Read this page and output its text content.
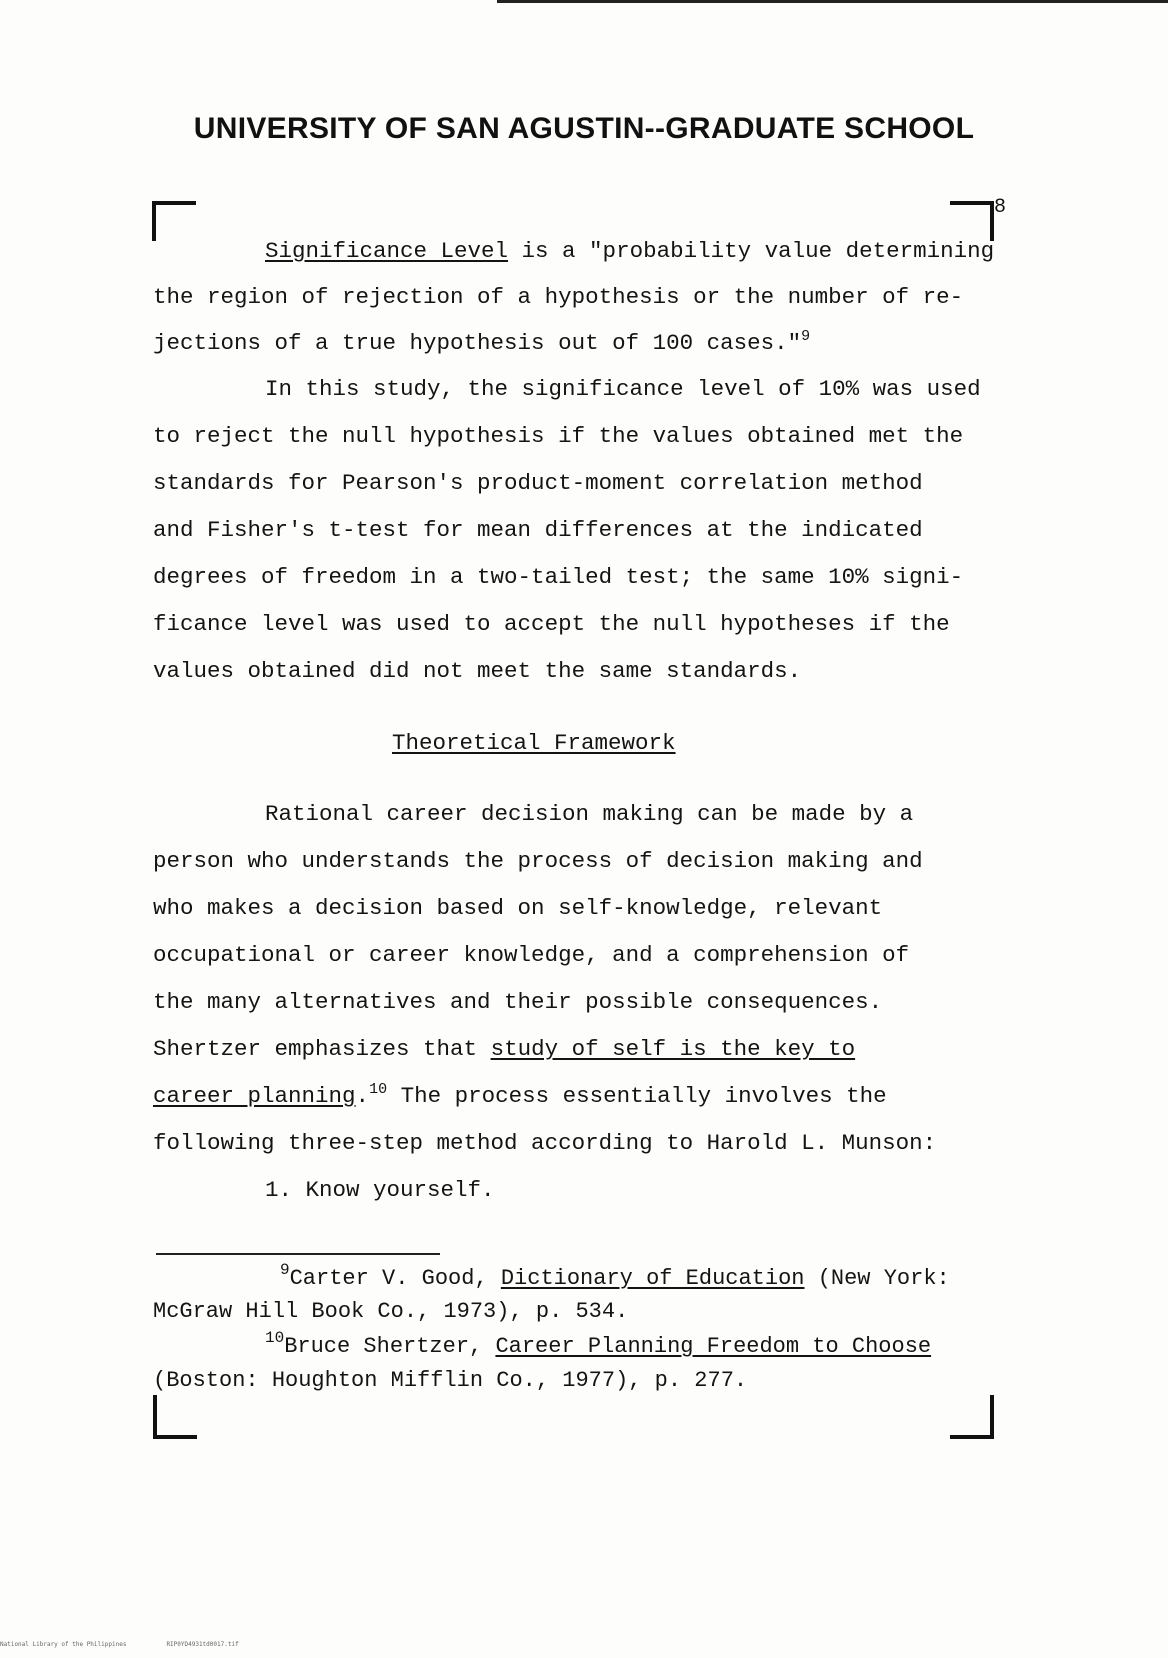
UNIVERSITY OF SAN AGUSTIN--GRADUATE SCHOOL
8
Significance Level is a "probability value determining
the region of rejection of a hypothesis or the number of re-
jections of a true hypothesis out of 100 cases."$^9$
In this study, the significance level of 10% was used
to reject the null hypothesis if the values obtained met the
standards for Pearson's product-moment correlation method
and Fisher's t-test for mean differences at the indicated
degrees of freedom in a two-tailed test; the same 10% signi-
ficance level was used to accept the null hypotheses if the
values obtained did not meet the same standards.
Theoretical Framework
Rational career decision making can be made by a
person who understands the process of decision making and
who makes a decision based on self-knowledge, relevant
occupational or career knowledge, and a comprehension of
the many alternatives and their possible consequences.
Shertzer emphasizes that study of self is the key to
career planning.$^{10}$ The process essentially involves the
following three-step method according to Harold L. Munson:
1. Know yourself.
$^9$Carter V. Good, Dictionary of Education (New York:
McGraw Hill Book Co., 1973), p. 534.
$^{10}$Bruce Shertzer, Career Planning Freedom to Choose
(Boston: Houghton Mifflin Co., 1977), p. 277.
National Library of the Philippines	RIP0YD4931td0017.tif
